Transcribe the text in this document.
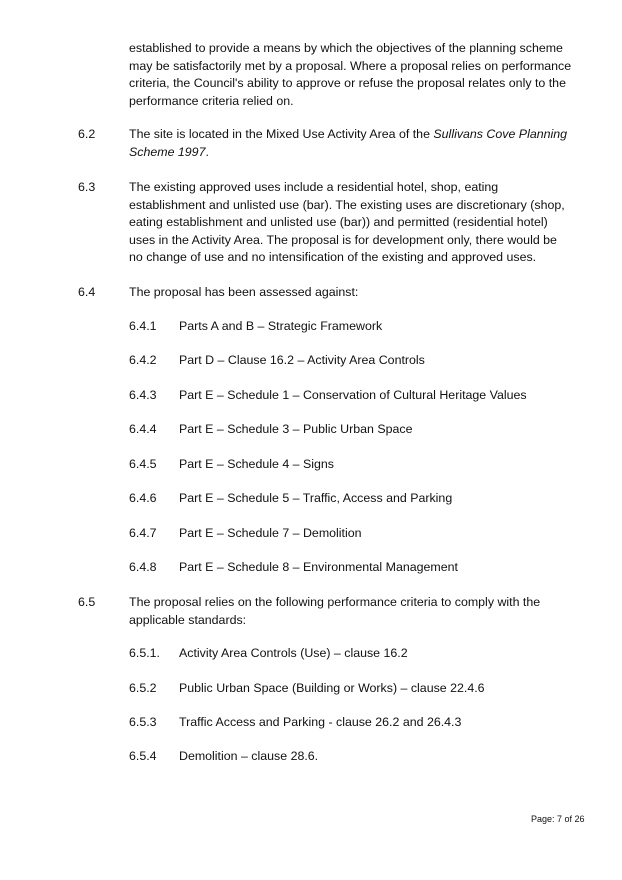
established to provide a means by which the objectives of the planning scheme may be satisfactorily met by a proposal. Where a proposal relies on performance criteria, the Council's ability to approve or refuse the proposal relates only to the performance criteria relied on.
6.2	The site is located in the Mixed Use Activity Area of the Sullivans Cove Planning Scheme 1997.
6.3	The existing approved uses include a residential hotel, shop, eating establishment and unlisted use (bar). The existing uses are discretionary (shop, eating establishment and unlisted use (bar)) and permitted (residential hotel) uses in the Activity Area. The proposal is for development only, there would be no change of use and no intensification of the existing and approved uses.
6.4	The proposal has been assessed against:
6.4.1 Parts A and B – Strategic Framework
6.4.2 Part D – Clause 16.2 – Activity Area Controls
6.4.3 Part E – Schedule 1 – Conservation of Cultural Heritage Values
6.4.4 Part E – Schedule 3 – Public Urban Space
6.4.5 Part E – Schedule 4 – Signs
6.4.6 Part E – Schedule 5 – Traffic, Access and Parking
6.4.7 Part E – Schedule 7 – Demolition
6.4.8 Part E – Schedule 8 – Environmental Management
6.5	The proposal relies on the following performance criteria to comply with the applicable standards:
6.5.1. Activity Area Controls (Use) – clause 16.2
6.5.2 Public Urban Space (Building or Works) – clause 22.4.6
6.5.3 Traffic Access and Parking - clause 26.2 and 26.4.3
6.5.4 Demolition – clause 28.6.
Page: 7 of 26
